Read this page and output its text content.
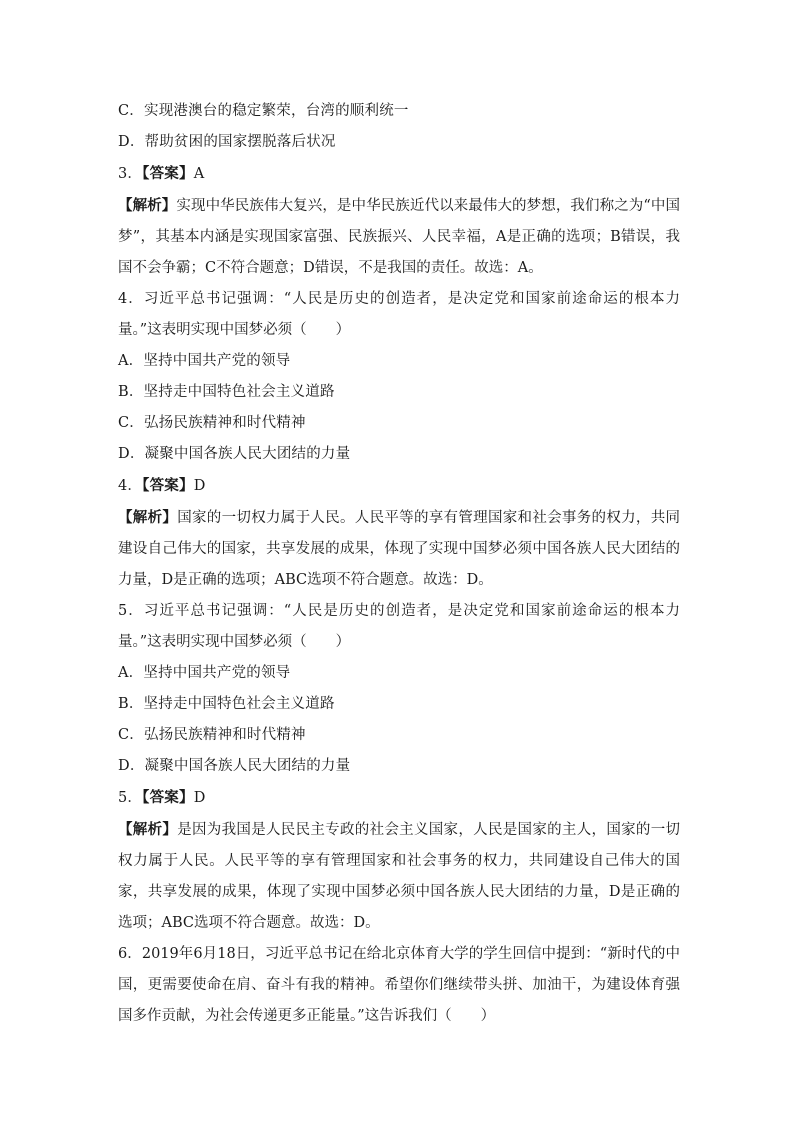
C．实现港澳台的稳定繁荣，台湾的顺利统一
D．帮助贫困的国家摆脱落后状况
3．【答案】A
【解析】实现中华民族伟大复兴，是中华民族近代以来最伟大的梦想，我们称之为“中国梦”，其基本内涵是实现国家富强、民族振兴、人民幸福，A是正确的选项；B错误，我国不会争霸；C不符合题意；D错误，不是我国的责任。故选：A。
4．习近平总书记强调：“人民是历史的创造者，是决定党和国家前途命运的根本力量。”这表明实现中国梦必须（　　）
A．坚持中国共产党的领导
B．坚持走中国特色社会主义道路
C．弘扬民族精神和时代精神
D．凝聚中国各族人民大团结的力量
4．【答案】D
【解析】国家的一切权力属于人民。人民平等的享有管理国家和社会事务的权力，共同建设自己伟大的国家，共享发展的成果，体现了实现中国梦必须中国各族人民大团结的力量，D是正确的选项；ABC选项不符合题意。故选：D。
5．习近平总书记强调：“人民是历史的创造者，是决定党和国家前途命运的根本力量。”这表明实现中国梦必须（　　）
A．坚持中国共产党的领导
B．坚持走中国特色社会主义道路
C．弘扬民族精神和时代精神
D．凝聚中国各族人民大团结的力量
5．【答案】D
【解析】是因为我国是人民民主专政的社会主义国家，人民是国家的主人，国家的一切权力属于人民。人民平等的享有管理国家和社会事务的权力，共同建设自己伟大的国家，共享发展的成果，体现了实现中国梦必须中国各族人民大团结的力量，D是正确的选项；ABC选项不符合题意。故选：D。
6．2019年6月18日，习近平总书记在给北京体育大学的学生回信中提到：“新时代的中国，更需要使命在肩、奋斗有我的精神。希望你们继续带头拼、加油干，为建设体育强国多作贡献，为社会传递更多正能量。”这告诉我们（　　）
